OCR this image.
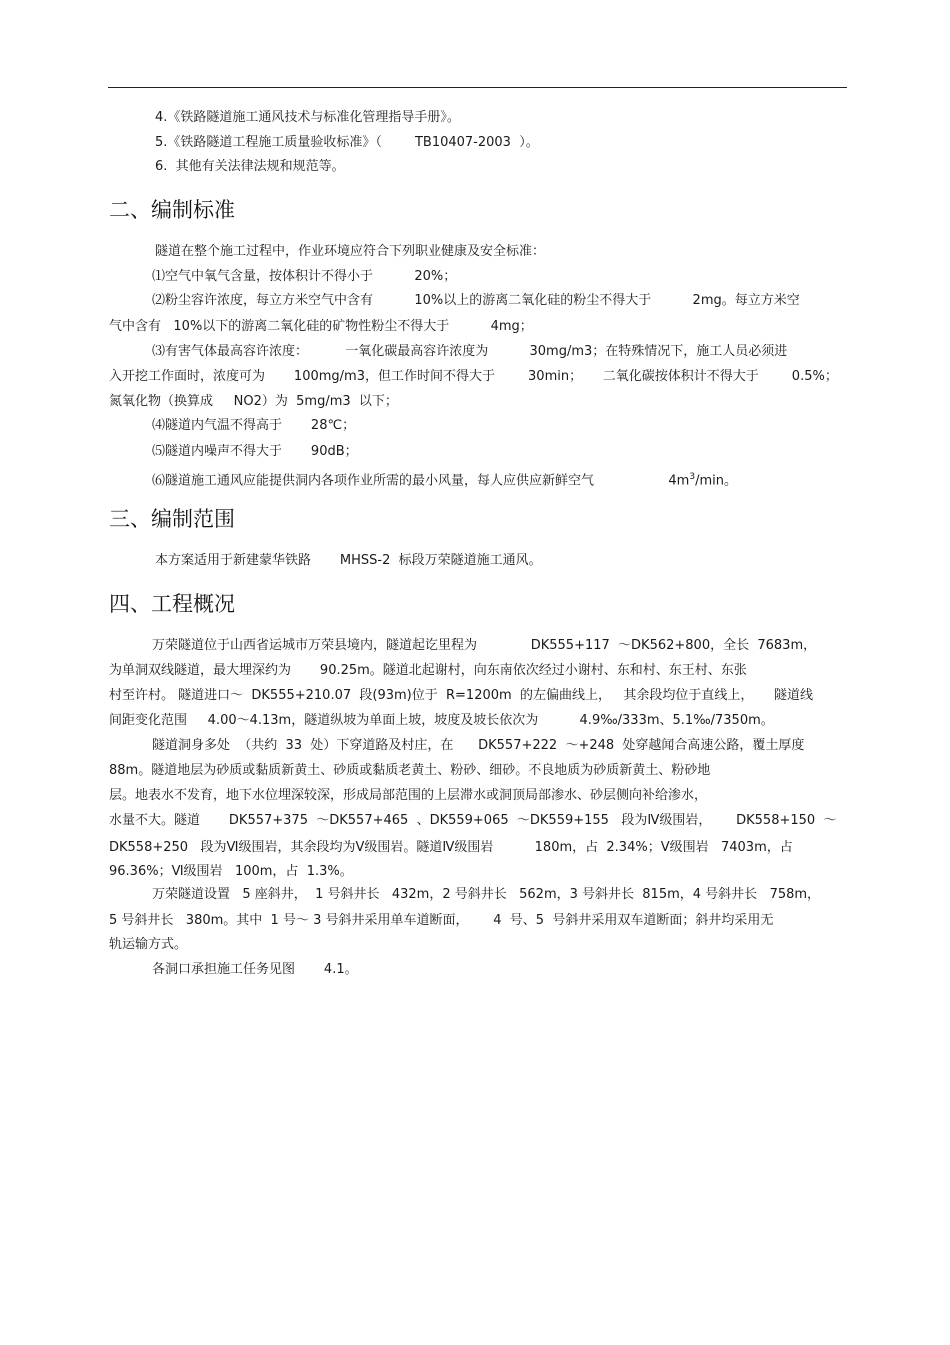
4.《铁路隧道施工通风技术与标准化管理指导手册》。
5.《铁路隧道工程施工质量验收标准》（        TB10407-2003  ）。
6.  其他有关法律法规和规范等。
二、编制标准
隧道在整个施工过程中，作业环境应符合下列职业健康及安全标准：
⑴空气中氧气含量，按体积计不得小于          20%；
⑵粉尘容许浓度，每立方米空气中含有          10%以上的游离二氧化硅的粉尘不得大于          2mg。每立方米空
气中含有   10%以下的游离二氧化硅的矿物性粉尘不得大于          4mg；
⑶有害气体最高容许浓度：         一氧化碳最高容许浓度为          30mg/m3；在特殊情况下，施工人员必须进
入开挖工作面时，浓度可为       100mg/m3，但工作时间不得大于        30min；     二氧化碳按体积计不得大于        0.5%；
氮氧化物（换算成     NO2）为  5mg/m3  以下；
⑷隧道内气温不得高于       28℃；
⑸隧道内噪声不得大于       90dB；
⑹隧道施工通风应能提供洞内各项作业所需的最小风量，每人应供应新鲜空气                  $4m^3/\min$。
三、编制范围
本方案适用于新建蒙华铁路       MHSS-2  标段万荣隧道施工通风。
四、工程概况
万荣隧道位于山西省运城市万荣县境内，隧道起讫里程为             DK555+117  ～DK562+800，全长  7683m，
为单洞双线隧道，最大埋深约为       90.25m。隧道北起谢村，向东南依次经过小谢村、东和村、东王村、东张
村至许村。 隧道进口～  DK555+210.07  段(93m)位于  R=1200m  的左偏曲线上，   其余段均位于直线上，     隧道线
间距变化范围     4.00～4.13m，隧道纵坡为单面上坡，坡度及坡长依次为          4.9‰/333m、5.1‰/7350m。
隧道洞身多处  （共约  33  处）下穿道路及村庄，在      DK557+222  ～+248  处穿越闻合高速公路，覆土厚度
88m。隧道地层为砂质或黏质新黄土、砂质或黏质老黄土、粉砂、细砂。不良地质为砂质新黄土、粉砂地
层。地表水不发育，地下水位埋深较深，形成局部范围的上层滞水或洞顶局部渗水、砂层侧向补给渗水，
水量不大。隧道       DK557+375  ～DK557+465  、DK559+065  ～DK559+155   段为Ⅳ级围岩，      DK558+150  ～
DK558+250   段为Ⅵ级围岩，其余段均为Ⅴ级围岩。隧道Ⅳ级围岩          180m，占  2.34%；Ⅴ级围岩   7403m，占
96.36%；Ⅵ级围岩   100m，占  1.3%。
万荣隧道设置   5 座斜井，  1 号斜井长   432m，2 号斜井长   562m，3 号斜井长  815m，4 号斜井长   758m，
5 号斜井长   380m。其中  1 号～ 3 号斜井采用单车道断面，      4  号、5  号斜井采用双车道断面；斜井均采用无
轨运输方式。
各洞口承担施工任务见图       4.1。
